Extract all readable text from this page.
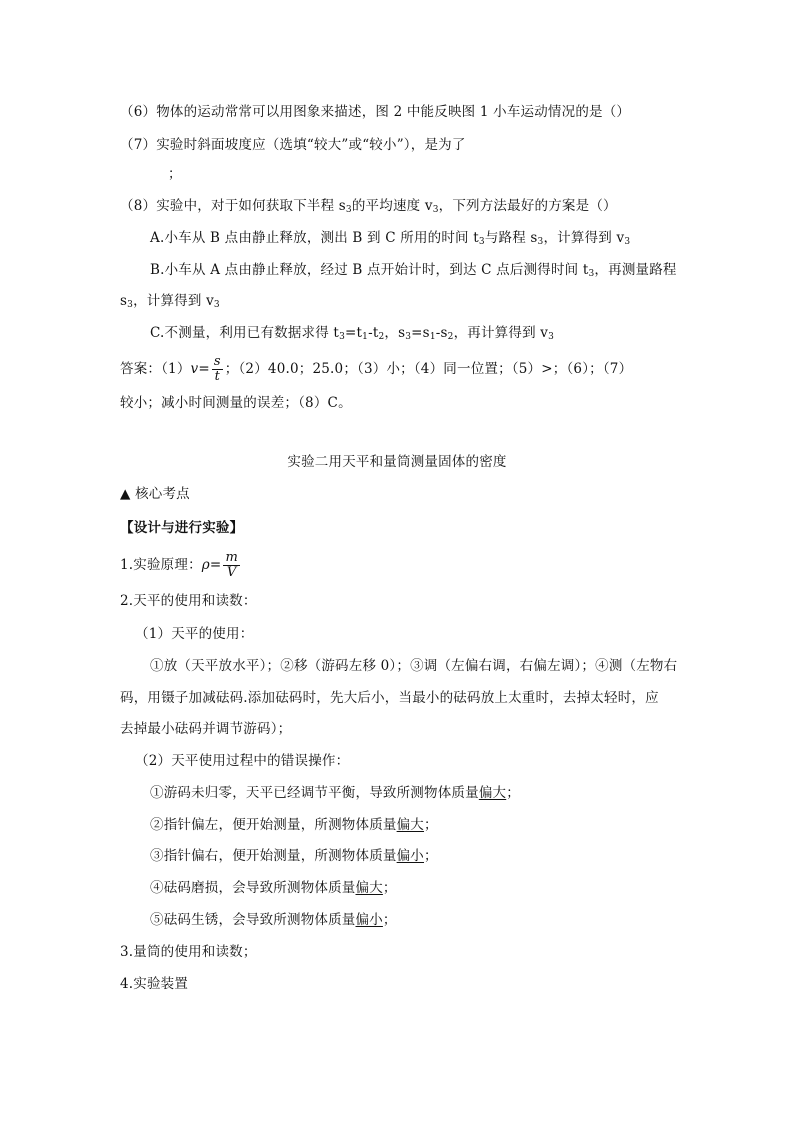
（6）物体的运动常常可以用图象来描述，图 2 中能反映图 1 小车运动情况的是（）
（7）实验时斜面坡度应（选填“较大”或“较小”），是为了
；
（8）实验中，对于如何获取下半程 $s_3$的平均速度 $v_3$，下列方法最好的方案是（）
A.小车从 B 点由静止释放，测出 B 到 C 所用的时间 $t_3$与路程 $s_3$，计算得到 $v_3$
B.小车从 A 点由静止释放，经过 B 点开始计时，到达 C 点后测得时间 $t_3$，再测量路程
$s_3$，计算得到 $v_3$
C.不测量，利用已有数据求得 $t_3=t_1-t_2$，$s_3=s_1-s_2$，再计算得到 $v_3$
答案：$(1)v= \frac{s}{t}$ ；（2）40.0；25.0；（3）小；（4）同一位置；（5）>；（6）；（7）
较小；减小时间测量的误差；（8）C。
实验二用天平和量筒测量固体的密度
▲ 核心考点
【设计与进行实验】
1.实验原理：$\rho= \frac{m}{V}$
2.天平的使用和读数：
（1）天平的使用：
①放（天平放水平）；②移（游码左移 0）；③调（左偏右调，右偏左调）；④测（左物右
码，用镊子加减砝码.添加砝码时，先大后小，当最小的砝码放上太重时，去掉太轻时，应
去掉最小砝码并调节游码）；
（2）天平使用过程中的错误操作：
①游码未归零，天平已经调节平衡，导致所测物体质量偏大；
②指针偏左，便开始测量，所测物体质量偏大；
③指针偏右，便开始测量，所测物体质量偏小；
④砝码磨损，会导致所测物体质量偏大；
⑤砝码生锈，会导致所测物体质量偏小；
3.量筒的使用和读数；
4.实验装置
